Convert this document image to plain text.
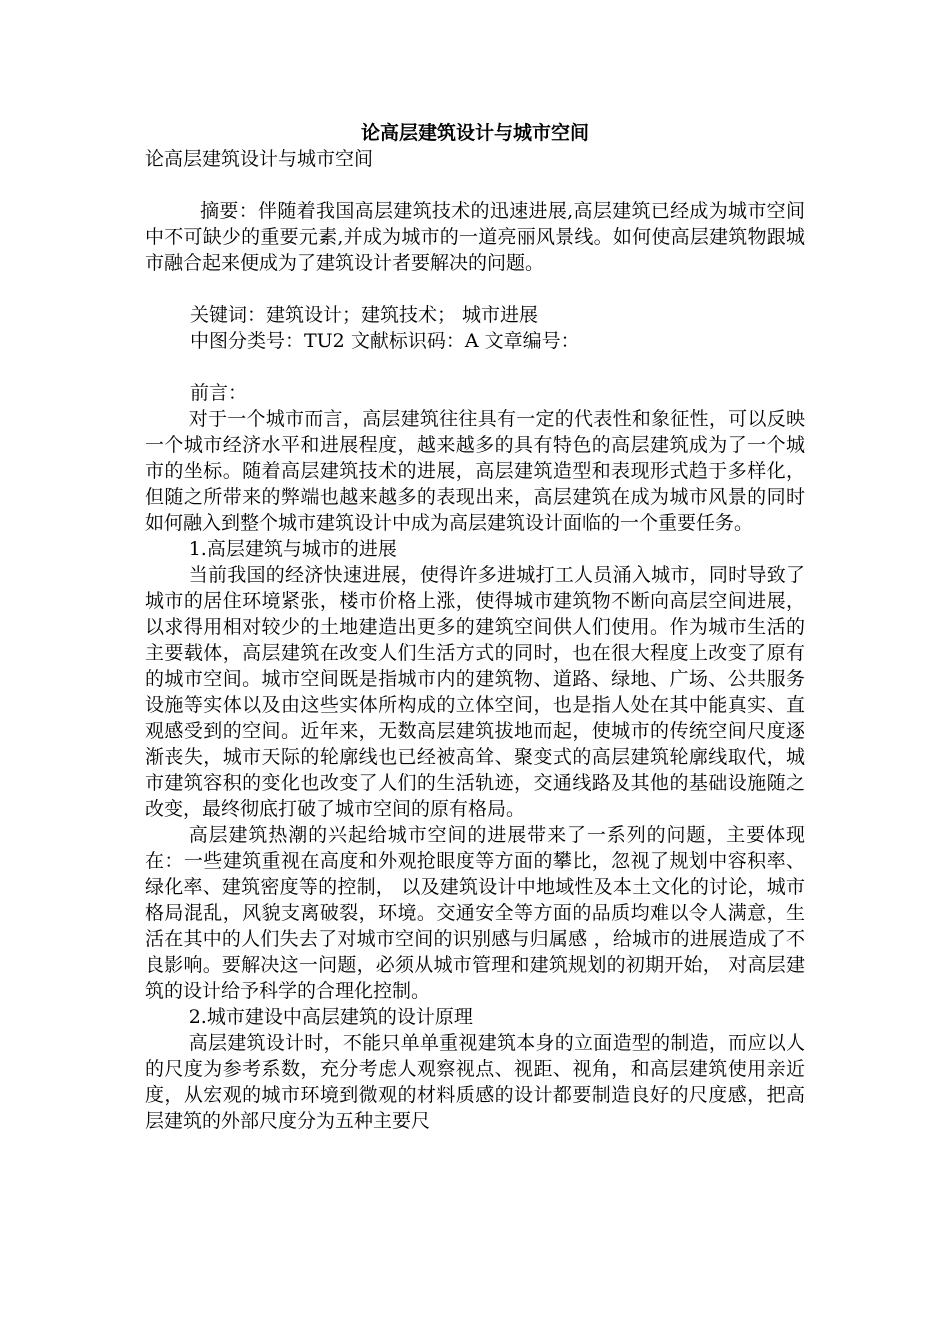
论高层建筑设计与城市空间

论高层建筑设计与城市空间

摘要：伴随着我国高层建筑技术的迅速进展,高层建筑已经成为城市空间中不可缺少的重要元素,并成为城市的一道亮丽风景线。如何使高层建筑物跟城市融合起来便成为了建筑设计者要解决的问题。

关键词：建筑设计；建筑技术； 城市进展

中图分类号：TU2 文献标识码：A 文章编号：

前言：

对于一个城市而言，高层建筑往往具有一定的代表性和象征性，可以反映一个城市经济水平和进展程度，越来越多的具有特色的高层建筑成为了一个城市的坐标。随着高层建筑技术的进展，高层建筑造型和表现形式趋于多样化，但随之所带来的弊端也越来越多的表现出来，高层建筑在成为城市风景的同时如何融入到整个城市建筑设计中成为高层建筑设计面临的一个重要任务。

1.高层建筑与城市的进展

当前我国的经济快速进展，使得许多进城打工人员涌入城市，同时导致了城市的居住环境紧张，楼市价格上涨，使得城市建筑物不断向高层空间进展，以求得用相对较少的土地建造出更多的建筑空间供人们使用。作为城市生活的主要载体，高层建筑在改变人们生活方式的同时，也在很大程度上改变了原有的城市空间。城市空间既是指城市内的建筑物、道路、绿地、广场、公共服务设施等实体以及由这些实体所构成的立体空间，也是指人处在其中能真实、直观感受到的空间。近年来，无数高层建筑拔地而起，使城市的传统空间尺度逐渐丧失，城市天际的轮廓线也已经被高耸、聚变式的高层建筑轮廓线取代，城市建筑容积的变化也改变了人们的生活轨迹，交通线路及其他的基础设施随之改变，最终彻底打破了城市空间的原有格局。

高层建筑热潮的兴起给城市空间的进展带来了一系列的问题，主要体现在：一些建筑重视在高度和外观抢眼度等方面的攀比，忽视了规划中容积率、绿化率、建筑密度等的控制， 以及建筑设计中地域性及本土文化的讨论，城市格局混乱，风貌支离破裂，环境。交通安全等方面的品质均难以令人满意，生活在其中的人们失去了对城市空间的识别感与归属感 ，给城市的进展造成了不良影响。要解决这一问题，必须从城市管理和建筑规划的初期开始， 对高层建筑的设计给予科学的合理化控制。

2.城市建设中高层建筑的设计原理

高层建筑设计时，不能只单单重视建筑本身的立面造型的制造，而应以人的尺度为参考系数，充分考虑人观察视点、视距、视角，和高层建筑使用亲近度，从宏观的城市环境到微观的材料质感的设计都要制造良好的尺度感，把高层建筑的外部尺度分为五种主要尺
